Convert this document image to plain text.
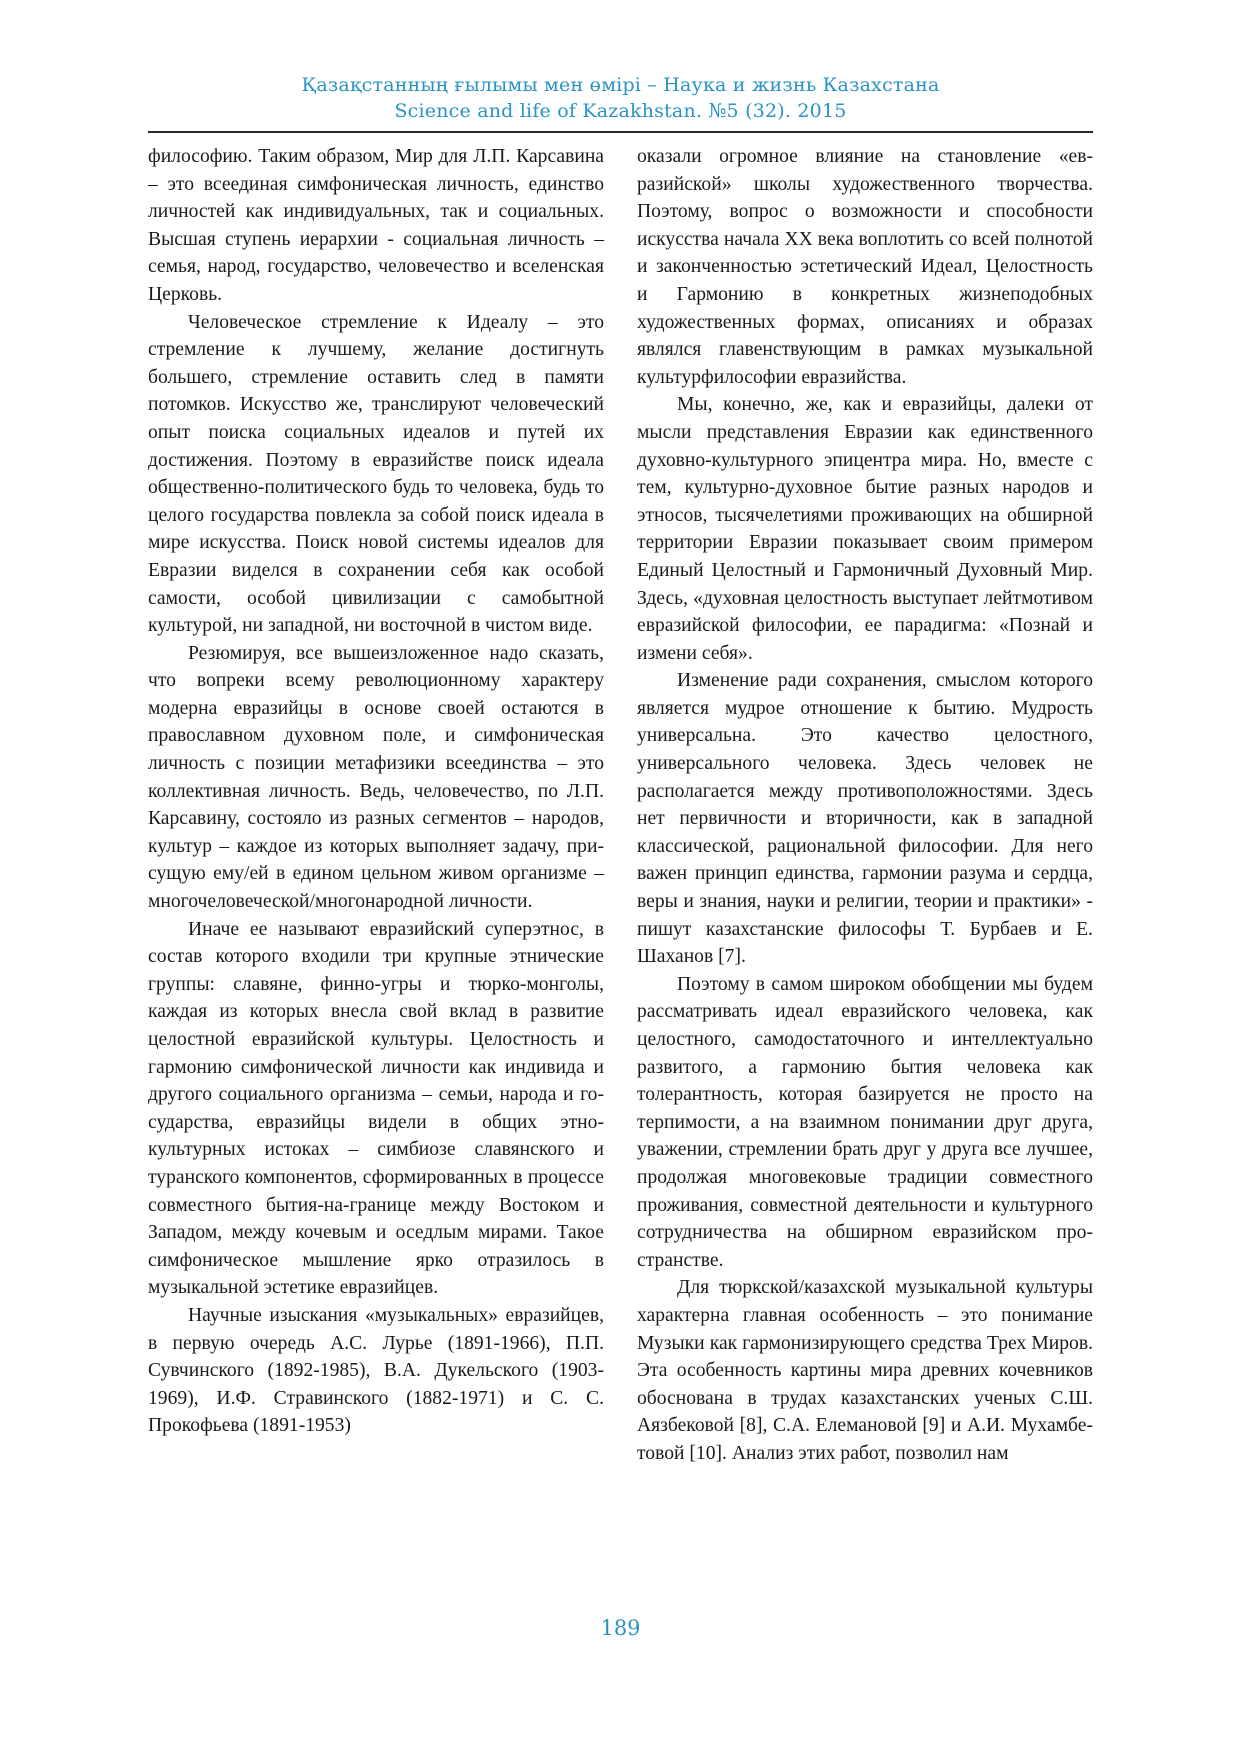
Қазақстанның ғылымы мен өмірі – Наука и жизнь Казахстана
Science and life of Kazakhstan. №5 (32). 2015

философию. Таким образом, Мир для Л.П. Карсавина – это всеединая симфоническая личность, единство личностей как индивидуальных, так и социальных. Высшая ступень иерархии - социальная личность – семья, народ, государство, человечество и вселенская Церковь.

Человеческое стремление к Идеалу – это стремление к лучшему, желание достигнуть большего, стремление оставить след в памяти потомков. Искусство же, транслируют человеческий опыт поиска социальных идеалов и путей их достижения. Поэтому в евразийстве поиск идеала общественно-политического будь то человека, будь то целого государства повлекла за собой поиск идеала в мире искусства. Поиск новой системы идеалов для Евразии виделся в сохранении себя как особой самости, особой цивилизации с самобытной культурой, ни западной, ни восточной в чистом виде.

Резюмируя, все вышеизложенное надо сказать, что вопреки всему революционному характеру модерна евразийцы в основе своей остаются в православном духовном поле, и симфоническая личность с позиции метафизики всеединства – это коллективная личность. Ведь, человечество, по Л.П. Карсавину, состояло из разных сегментов – народов, культур – каждое из которых выполняет задачу, присущую ему/ей в едином цельном живом организме – многочеловеческой/многонародной личности.

Иначе ее называют евразийский суперэтнос, в состав которого входили три крупные этнические группы: славяне, финно-угры и тюрко-монголы, каждая из которых внесла свой вклад в развитие целостной евразийской культуры. Целостность и гармонию симфонической личности как индивида и другого социального организма – семьи, народа и государства, евразийцы видели в общих этнокультурных истоках – симбиозе славянского и туранского компонентов, сформированных в процессе совместного бытия-на-границе между Востоком и Западом, между кочевым и оседлым мирами. Такое симфоническое мышление ярко отразилось в музыкальной эстетике евразийцев.

Научные изыскания «музыкальных» евразийцев, в первую очередь А.С. Лурье (1891-1966), П.П. Сувчинского (1892-1985), В.А. Дукельского (1903-1969), И.Ф. Стравинского (1882-1971) и С. С. Прокофьева (1891-1953)

оказали огромное влияние на становление «евразийской» школы художественного творчества. Поэтому, вопрос о возможности и способности искусства начала ХХ века воплотить со всей полнотой и законченностью эстетический Идеал, Целостность и Гармонию в конкретных жизнеподобных художественных формах, описаниях и образах являлся главенствующим в рамках музыкальной культурфилософии евразийства.

Мы, конечно, же, как и евразийцы, далеки от мысли представления Евразии как единственного духовно-культурного эпицентра мира. Но, вместе с тем, культурно-духовное бытие разных народов и этносов, тысячелетиями проживающих на обширной территории Евразии показывает своим примером Единый Целостный и Гармоничный Духовный Мир. Здесь, «духовная целостность выступает лейтмотивом евразийской философии, ее парадигма: «Познай и измени себя».

Изменение ради сохранения, смыслом которого является мудрое отношение к бытию. Мудрость универсальна. Это качество целостного, универсального человека. Здесь человек не располагается между противоположностями. Здесь нет первичности и вторичности, как в западной классической, рациональной философии. Для него важен принцип единства, гармонии разума и сердца, веры и знания, науки и религии, теории и практики» - пишут казахстанские философы Т. Бурбаев и Е. Шаханов [7].

Поэтому в самом широком обобщении мы будем рассматривать идеал евразийского человека, как целостного, самодостаточного и интеллектуально развитого, а гармонию бытия человека как толерантность, которая базируется не просто на терпимости, а на взаимном понимании друг друга, уважении, стремлении брать друг у друга все лучшее, продолжая многовековые традиции совместного проживания, совместной деятельности и культурного сотрудничества на обширном евразийском пространстве.

Для тюркской/казахской музыкальной культуры характерна главная особенность – это понимание Музыки как гармонизирующего средства Трех Миров. Эта особенность картины мира древних кочевников обоснована в трудах казахстанских ученых С.Ш. Аязбековой [8], С.А. Елемановой [9] и А.И. Мухамбетовой [10]. Анализ этих работ, позволил нам

189
